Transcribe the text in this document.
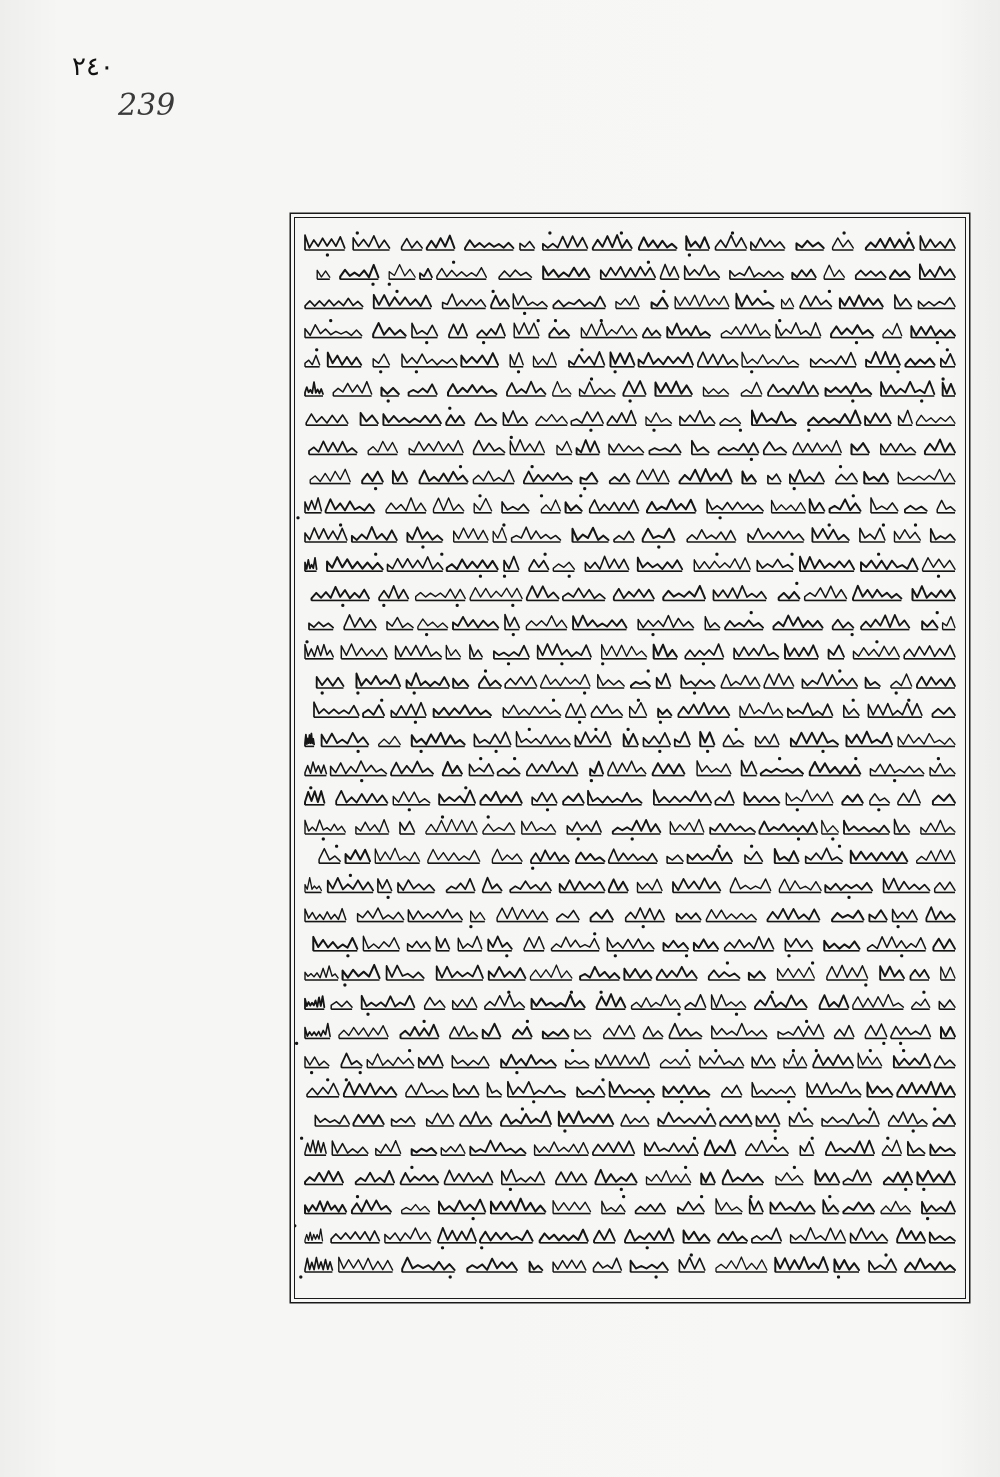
٢٤٠
239
